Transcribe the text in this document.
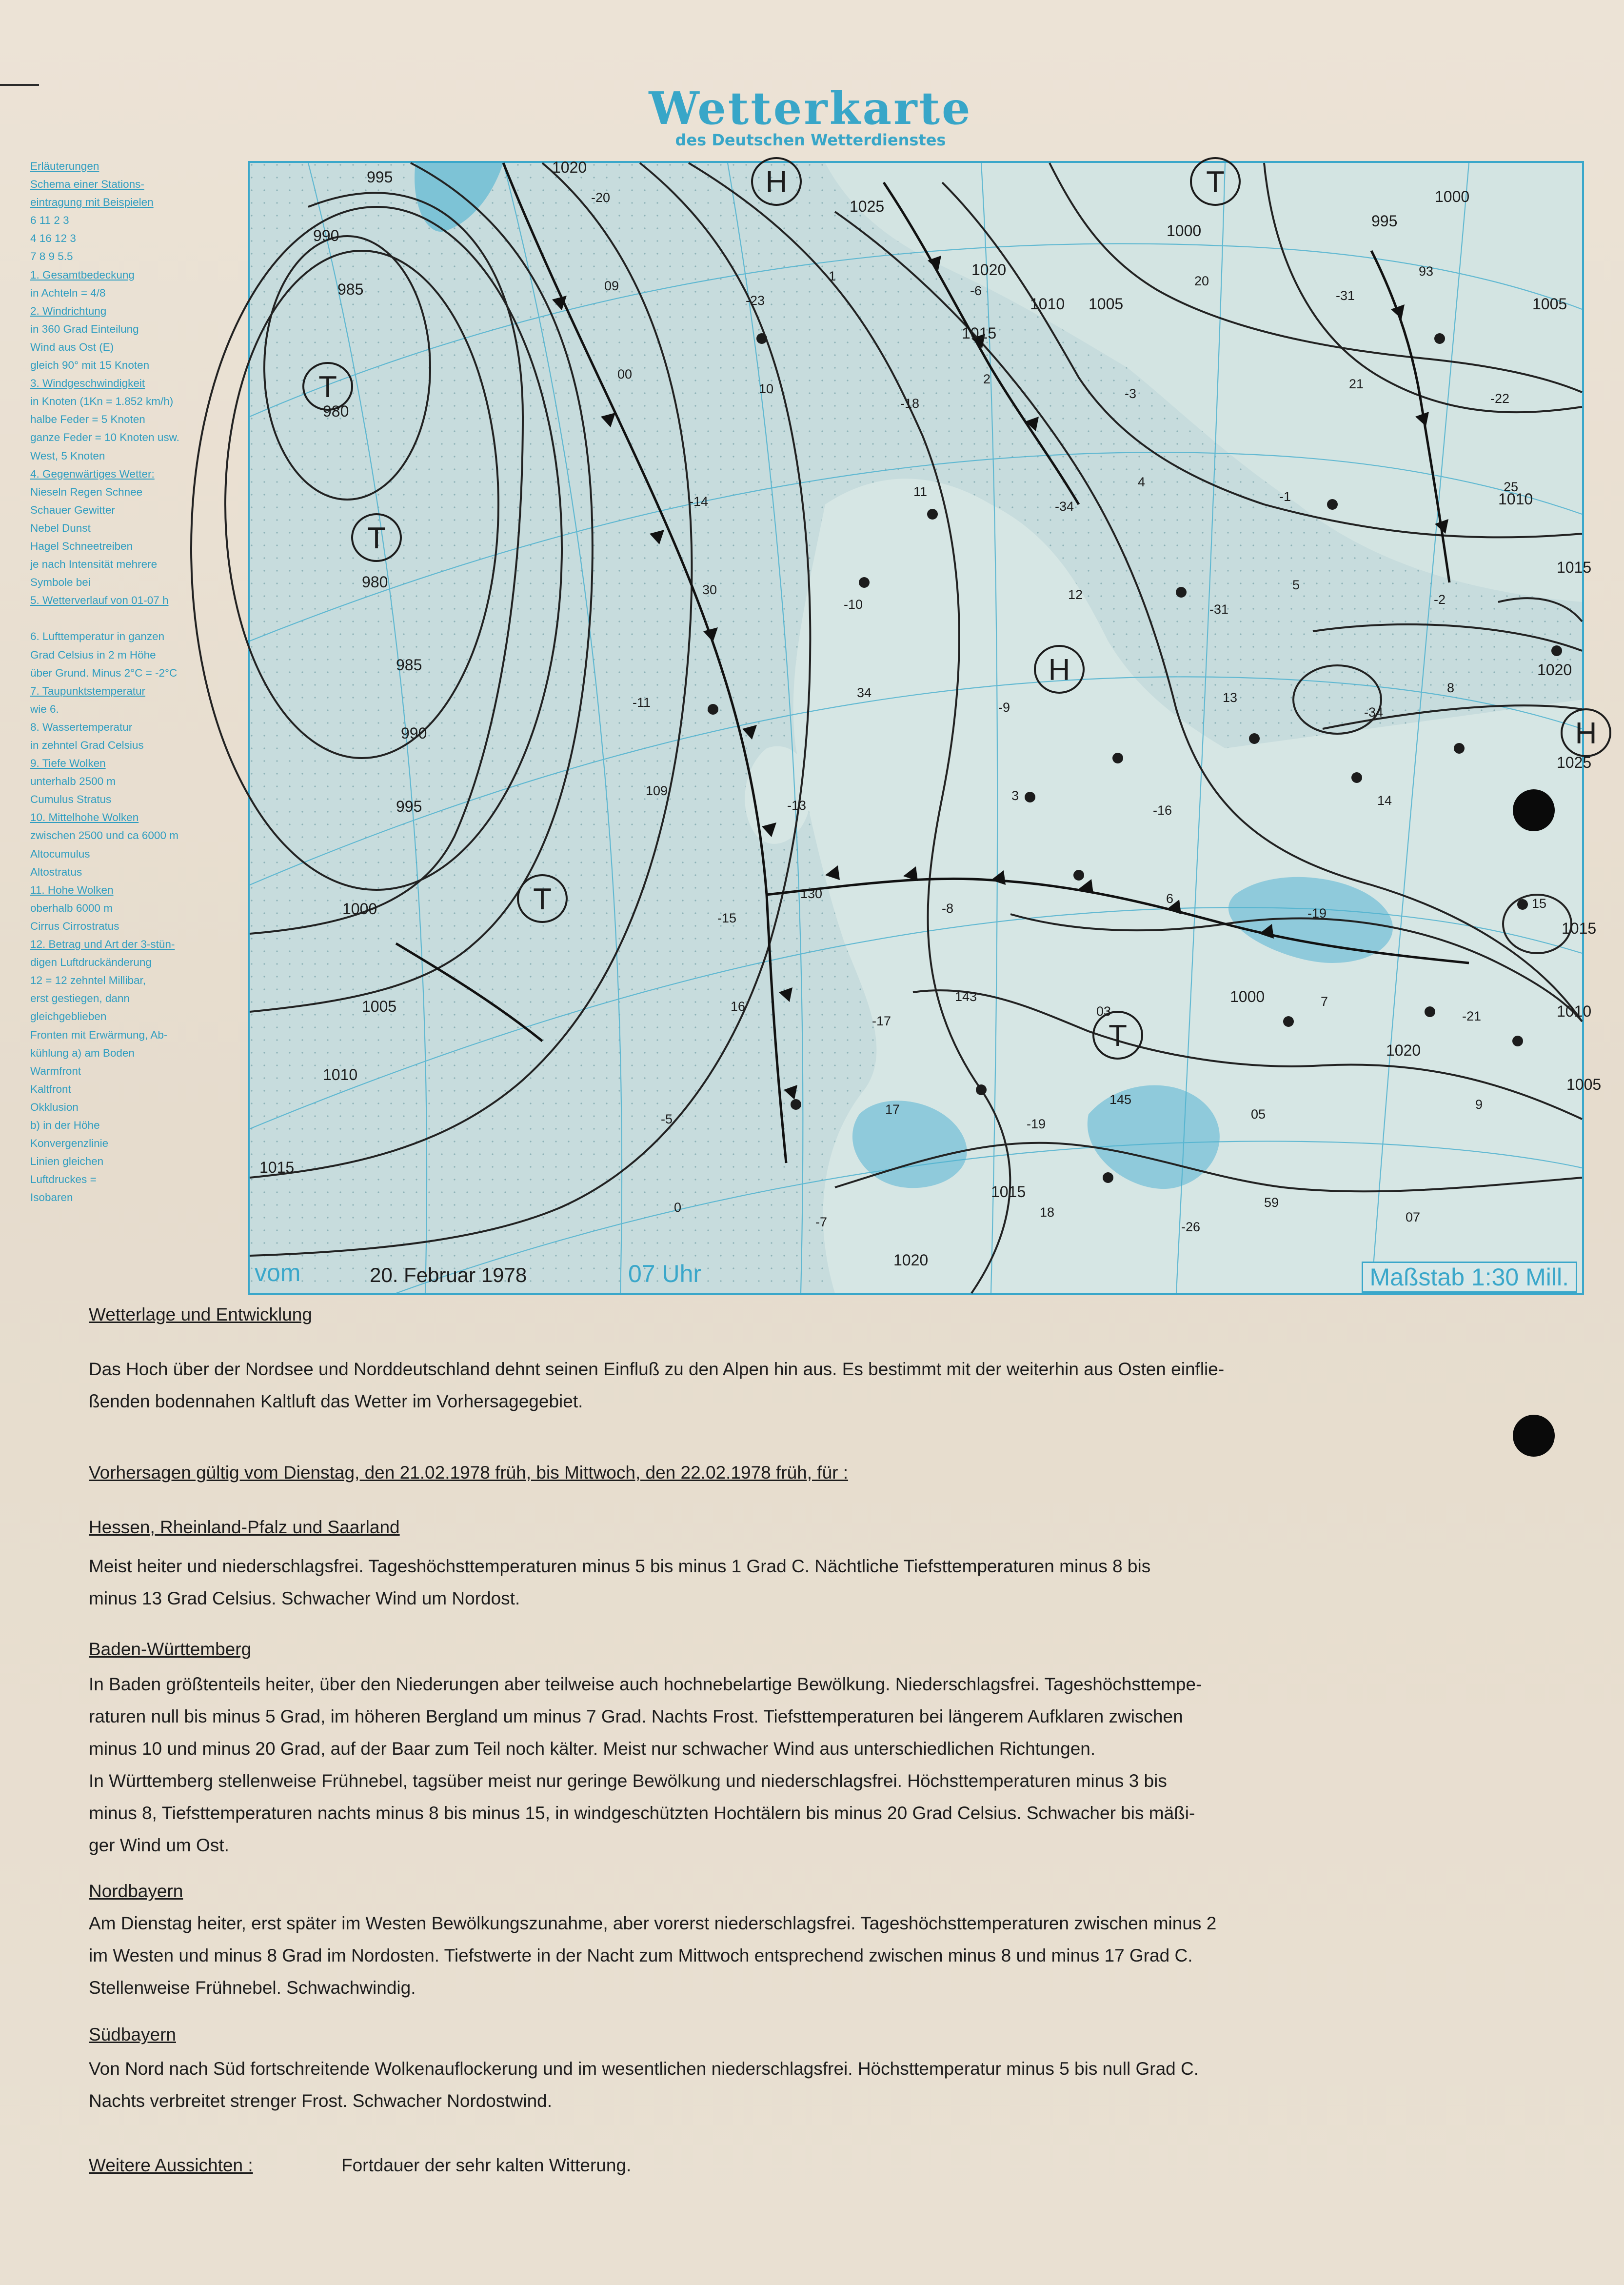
Wetterkarte
des Deutschen Wetterdienstes
Erläuterungen
Schema einer Stations-
eintragung mit Beispielen
6 11 2 3
4 16 12 3
7 8 9 5.5
1. Gesamtbedeckung
in Achteln = 4/8
2. Windrichtung
in 360 Grad Einteilung
Wind aus Ost (E)
gleich 90° mit 15 Knoten
3. Windgeschwindigkeit
in Knoten (1Kn = 1.852 km/h)
halbe Feder = 5 Knoten
ganze Feder = 10 Knoten usw.
West, 5 Knoten
4. Gegenwärtiges Wetter:
Nieseln Regen Schnee
Schauer Gewitter
Nebel Dunst
Hagel Schneetreiben
je nach Intensität mehrere
Symbole bei
5. Wetterverlauf von 01-07 h

6. Lufttemperatur in ganzen
Grad Celsius in 2 m Höhe
über Grund. Minus 2°C = -2°C
7. Taupunktstemperatur
wie 6.
8. Wassertemperatur
in zehntel Grad Celsius
9. Tiefe Wolken
unterhalb 2500 m
Cumulus Stratus
10. Mittelhohe Wolken
zwischen 2500 und ca 6000 m
Altocumulus
Altostratus
11. Hohe Wolken
oberhalb 6000 m
Cirrus Cirrostratus
12. Betrag und Art der 3-stün-
digen Luftdruckänderung
12 = 12 zehntel Millibar,
erst gestiegen, dann
gleichgeblieben
Fronten mit Erwärmung, Ab-
kühlung a) am Boden
Warmfront
Kaltfront
Okklusion
b) in der Höhe
Konvergenzlinie
Linien gleichen
Luftdruckes =
Isobaren
995
990
985
980
980
985
990
995
1000
1005
1010
1015
1020
1025
1020
1015
1010 1005
1000
995
1000
1005
1010
1015
1020
1025
1015
1010
1005
1000
1015
1020
1020
T
T
T
T
T
H
H
H
-20
-23
-18
-34
-31
-34
-15
-17
-19
-26
-31
-22
-14
-10
-9
-16
-19
-21
-5
-7
-6
-3
-1
-2
-11
-13
-8
03
05
07
09
10
11
12
13
14
15
16
17
18
20
21
25
30
34
3
6
7
9
0
1
2
4
5
8
109
130
143
145
59
93
00
vom	20. Februar 1978	07 Uhr	Maßstab 1:30 Mill.
Wetterlage und Entwicklung
Das Hoch über der Nordsee und Norddeutschland dehnt seinen Einfluß zu den Alpen hin aus. Es bestimmt mit der weiterhin aus Osten einflie-
ßenden bodennahen Kaltluft das Wetter im Vorhersagegebiet.
Vorhersagen gültig vom Dienstag, den 21.02.1978 früh, bis Mittwoch, den 22.02.1978 früh, für :
Hessen, Rheinland-Pfalz und Saarland
Meist heiter und niederschlagsfrei. Tageshöchsttemperaturen minus 5 bis minus 1 Grad C. Nächtliche Tiefsttemperaturen minus 8 bis
minus 13 Grad Celsius. Schwacher Wind um Nordost.
Baden-Württemberg
In Baden größtenteils heiter, über den Niederungen aber teilweise auch hochnebelartige Bewölkung. Niederschlagsfrei. Tageshöchsttempe-
raturen null bis minus 5 Grad, im höheren Bergland um minus 7 Grad. Nachts Frost. Tiefsttemperaturen bei längerem Aufklaren zwischen
minus 10 und minus 20 Grad, auf der Baar zum Teil noch kälter. Meist nur schwacher Wind aus unterschiedlichen Richtungen.
In Württemberg stellenweise Frühnebel, tagsüber meist nur geringe Bewölkung und niederschlagsfrei. Höchsttemperaturen minus 3 bis
minus 8, Tiefsttemperaturen nachts minus 8 bis minus 15, in windgeschützten Hochtälern bis minus 20 Grad Celsius. Schwacher bis mäßi-
ger Wind um Ost.
Nordbayern
Am Dienstag heiter, erst später im Westen Bewölkungszunahme, aber vorerst niederschlagsfrei. Tageshöchsttemperaturen zwischen minus 2
im Westen und minus 8 Grad im Nordosten. Tiefstwerte in der Nacht zum Mittwoch entsprechend zwischen minus 8 und minus 17 Grad C.
Stellenweise Frühnebel. Schwachwindig.
Südbayern
Von Nord nach Süd fortschreitende Wolkenauflockerung und im wesentlichen niederschlagsfrei. Höchsttemperatur minus 5 bis null Grad C.
Nachts verbreitet strenger Frost. Schwacher Nordostwind.
Weitere Aussichten :	Fortdauer der sehr kalten Witterung.
